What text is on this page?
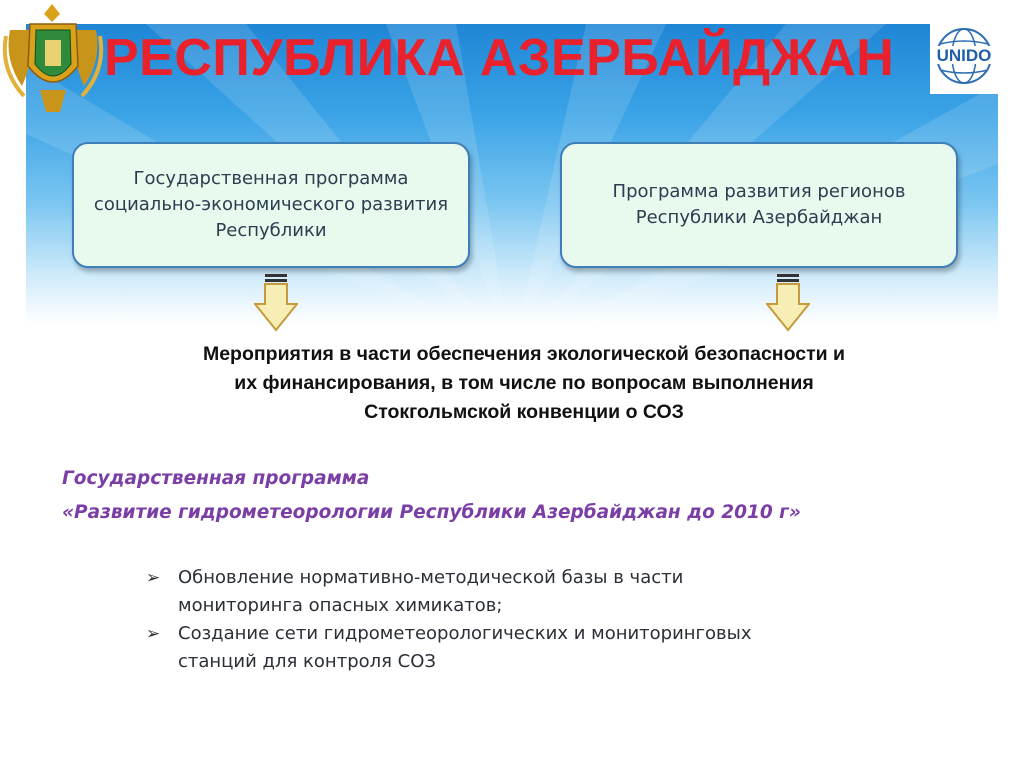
РЕСПУБЛИКА АЗЕРБАЙДЖАН UNIDO
Государственная программа социально-экономического развития Республики
Программа развития регионов Республики Азербайджан
Мероприятия в части обеспечения экологической безопасности и
их финансирования, в том числе по вопросам выполнения
Стокгольмской конвенции о СОЗ
Государственная программа
«Развитие гидрометеорологии Республики Азербайджан до 2010 г»
➢ Обновление нормативно-методической базы в части
мониторинга опасных химикатов;
➢ Создание сети гидрометеорологических и мониторинговых
станций для контроля СОЗ
